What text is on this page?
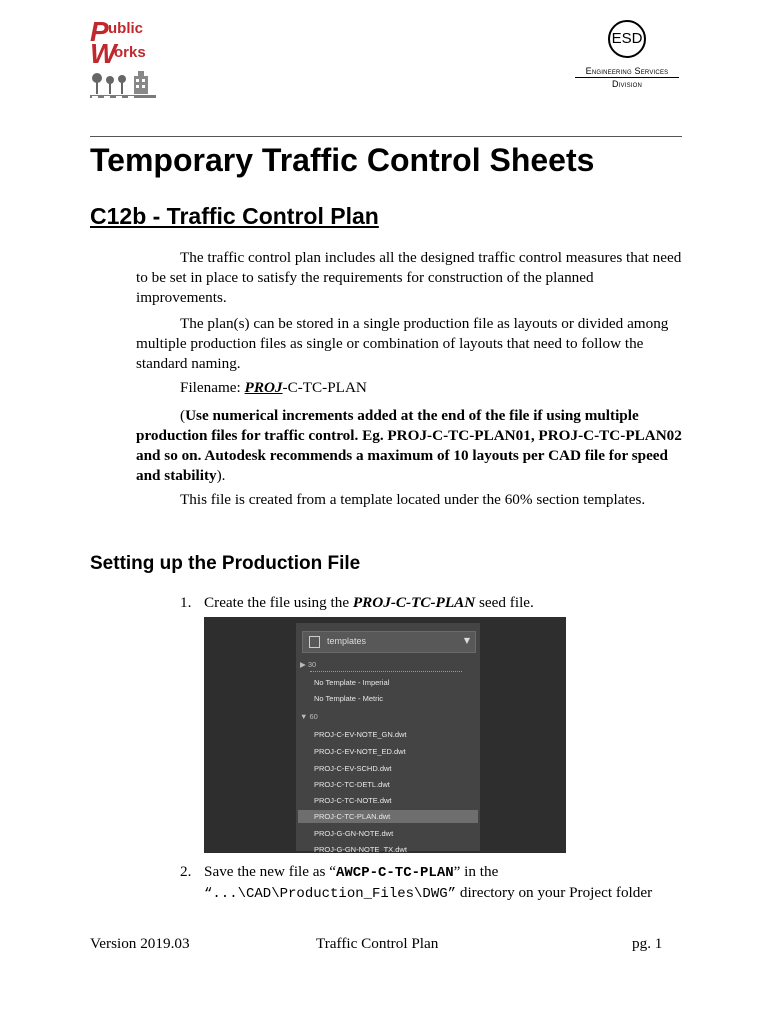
P ublic
W
orks
ESD
Engineering Services
Division
Temporary Traffic Control Sheets
C12b - Traffic Control Plan

The traffic control plan includes all the designed traffic control measures that need to be set in place to satisfy the requirements for construction of the planned improvements.

The plan(s) can be stored in a single production file as layouts or divided among multiple production files as single or combination of layouts that need to follow the standard naming.

Filename: PROJ-C-TC-PLAN

(Use numerical increments added at the end of the file if using multiple production files for traffic control. Eg. PROJ-C-TC-PLAN01, PROJ-C-TC-PLAN02 and so on. Autodesk recommends a maximum of 10 layouts per CAD file for speed and stability).

This file is created from a template located under the 60% section templates.

Setting up the Production File
1. Create the file using the PROJ-C-TC-PLAN seed file.
templates	▼
▶ 30
No Template - Imperial
No Template - Metric
▼ 60
PROJ-C-EV-NOTE_GN.dwt
PROJ-C-EV-NOTE_ED.dwt
PROJ-C-EV-SCHD.dwt
PROJ-C-TC-DETL.dwt
PROJ-C-TC-NOTE.dwt
PROJ-C-TC-PLAN.dwt
PROJ-G-GN-NOTE.dwt
PROJ-G-GN-NOTE_TX.dwt
2. Save the new file as “AWCP-C-TC-PLAN” in the
“...\CAD\Production_Files\DWG” directory on your Project folder
Version 2019.03	Traffic Control Plan	pg. 1
